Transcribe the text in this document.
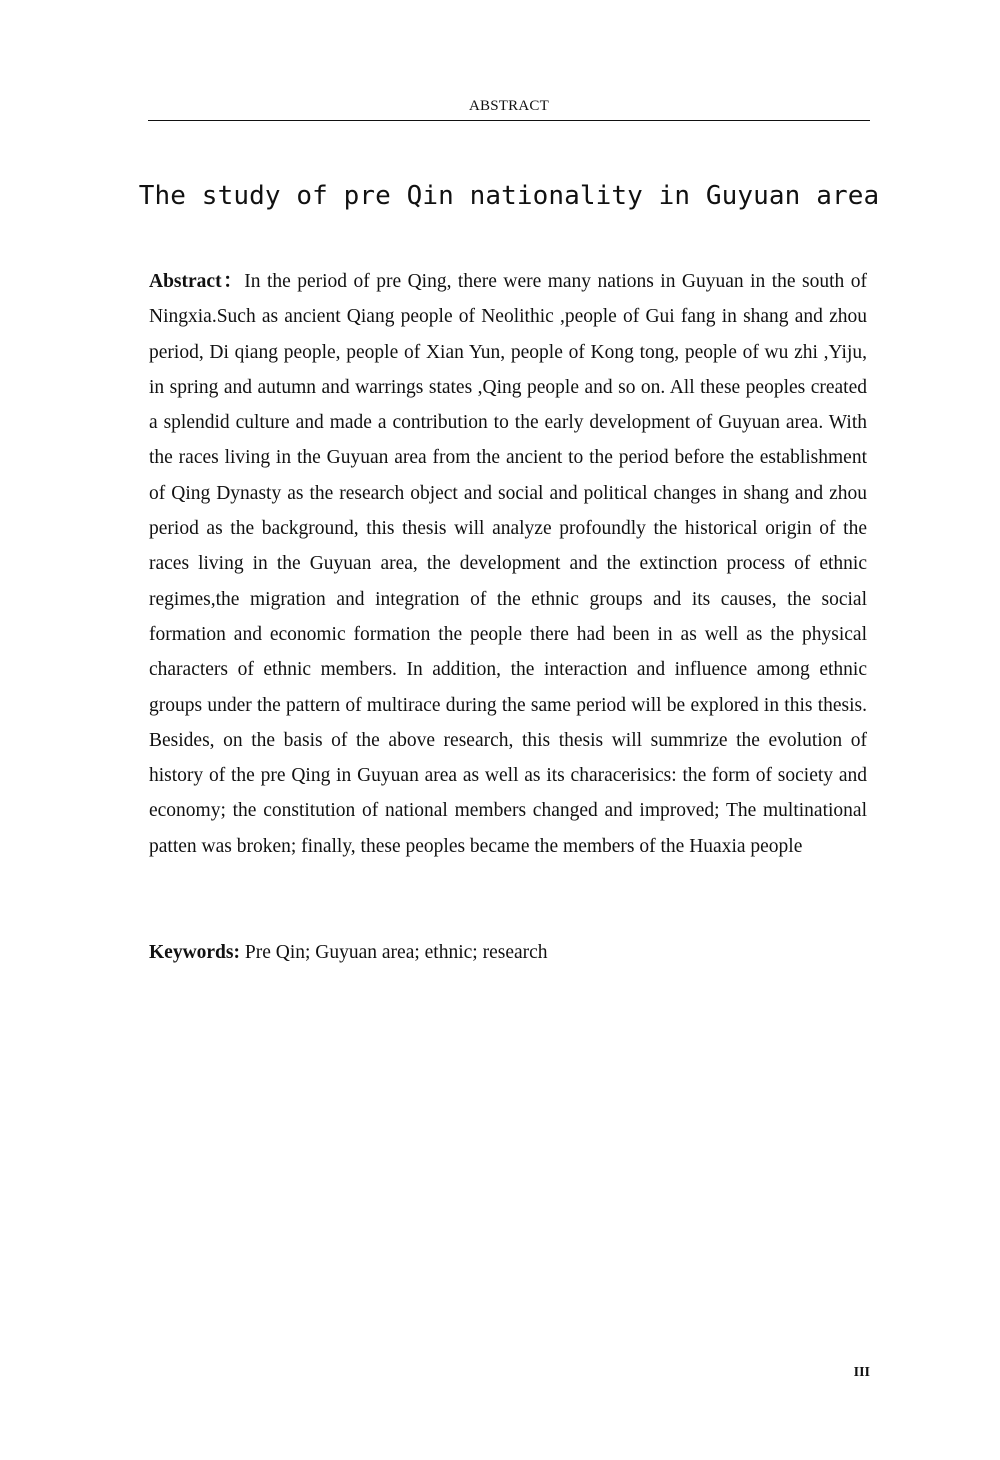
ABSTRACT
The study of pre Qin nationality in Guyuan area

Abstract：In the period of pre Qing, there were many nations in Guyuan in the south of Ningxia.Such as ancient Qiang people of Neolithic ,people of Gui fang in shang and zhou period, Di qiang people, people of Xian Yun, people of Kong tong, people of wu zhi ,Yiju, in spring and autumn and warrings states ,Qing people and so on. All these peoples created a splendid culture and made a contribution to the early development of Guyuan area. With the races living in the Guyuan area from the ancient to the period before the establishment of Qing Dynasty as the research object and social and political changes in shang and zhou period as the background, this thesis will analyze profoundly the historical origin of the races living in the Guyuan area, the development and the extinction process of ethnic regimes,the migration and integration of the ethnic groups and its causes, the social formation and economic formation the people there had been in as well as the physical characters of ethnic members. In addition, the interaction and influence among ethnic groups under the pattern of multirace during the same period will be explored in this thesis. Besides, on the basis of the above research, this thesis will summrize the evolution of history of the pre Qing in Guyuan area as well as its characerisics: the form of society and economy; the constitution of national members changed and improved; The multinational patten was broken; finally, these peoples became the members of the Huaxia people

Keywords: Pre Qin; Guyuan area; ethnic; research

III
